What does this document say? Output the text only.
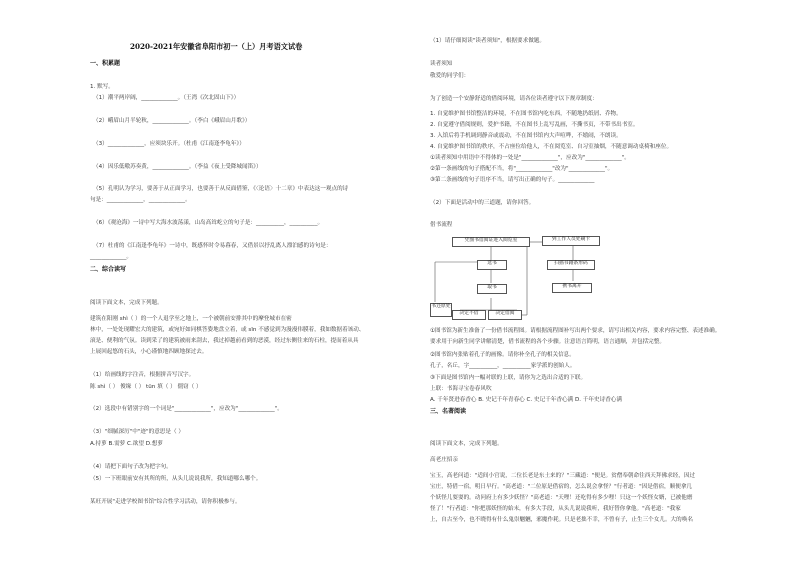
2020-2021年安徽省阜阳市初一（上）月考语文试卷
一、积累题
1. 默写。
（1）潮平两岸阔，_____________。（王湾《次北固山下》）
（2）峨眉山月半轮秋，_____________。（李白《峨眉山月歌》）
（3）_____________，应须块乐开。（杜甫《江南逢李龟年》）
（4）因乐低嗷苏奏黄，_____________。（李益《夜上受降城闻笛》）
（5）孔明认为学习，要善于从正面学习，也要善于从反面借鉴，《〈论语〉十二章》中表达这一观点的诗
句是：_____________，_____________。
（6）《观沧海》一诗中写大海水波荡漾，山岛高耸屹立的句子是：__________，__________。
（7）杜甫的《江南逢李龟年》一诗中，既感怀时令易暮春，又借景以抒乱离人漂泊感的诗句是：
_____________。
二、综合读写
阅读下面文本，完成下列题。
建筑在阳刚 shì（ ）的一个人退学至之地上，一个被朝前安排其中的摩登城市在密
林中，一处处现耀宏大的建筑，或宛好如同棋答姿地盘立着，或 sīn 不感觉到为漫漫伟膜着，我如数据着该动、
滚是、便利的气氛。读到采了的建筑被雨来刮去，我过掉越前看到的恶漠，经过东侧往来的石柱，提而着从具
上展回起悠的石头，小心谨慎地四顾地探过去。
（1）给画线的字注音，根据拼音写汉字。
陈 shì（ ） 俊缘（ ） tūn 填（ ） 僵窃（ ）
（2）选段中有错别字的一个词是"_____________"，应改为"_____________"。
（3）"细腻深厉"中"迹"的意思是（ ）
A.持萝 B.需萝 C.欲望 D.想萝
（4）请把下面句子改为把字句。
（5）一下班眼前安有其所的所，从头儿说说我所，我知道哪么哪个。
某旺开展"走进学校图书馆"综合性学习活动，请你积极参与。
（1）请仔细阅读"读者须知"，根据要求做题。
读者须知
敬爱的同学们：
为了创造一个安静舒适的借阅环境，请各位读者遵守以下规章制度：
1. 自觉维护图书馆整洁的环境，不在图书馆内吃东西，不随地扔纸屑、乔物。
2. 自觉遵守借阅规则，爱护书籍，不在图书上乱写乱画，不撕书页，不带书出书室。
3. 入馆后将手机调到静音或震动，不在图书馆内大声喧哗，不嬉闹，不朗读。
4. 自觉维护图书馆的秩序，不占座位给他人，不在阅览室、自习室抽烟，不随意调动桌椅和座位。
①读者须知中用语中不得体的一处是"_____________"，应改为"_____________"。
②第一条画线的句子搭配不当，将"_____________"改为"_____________"。
③第二条画线的句子语序不当，请写出正确的句子。_____________
（2）下面是活动中的三道题，请你回答。
借书流程
凭图书借阅证进入阅览室
选书
取书
决定不借	决定借阅
到工作人员处刷卡
扫描书籍条形码
携书离开
书还原处
①图书馆为新生准备了一份借书流程图。请根据流程图补写出两个要求，请写出相关内容，要求内容完整、表述准确。
要求用于向新生同学讲解清楚，借书流程的各个步骤。注意语言简明，语言通顺，并包括完整。
②图书馆内张贴着孔子的画像。请你补全孔子的相关信息。
孔子，名丘，字__________，__________家学派的创始人。
③下面是图书馆内一幅对联的上联，请你为之选出合适的下联。
上联：书海寻宝卷春风吹
A. 千年贤进春香心 B. 史记千年青春心 C. 史记千年香心满 D. 千年史诗香心满
三、名著阅读
阅读下面文本，完成下列题。
高老庄招亲
宝玉，高老问道："适间小官说，二位长老是东土来的？"三藏道："便是。贫僧奉朝命往西天拜佛求经，因过
宝庄，特借一宿，明日早行。"高老道："二位原是借宿的，怎么说会拿怪？"行者道："因是借宿，顺便拿几
个妖怪儿耍耍的。动问府上有多少妖怪？"高老道："天哩！还吃得有多少哩！只这一个妖怪女婿，已被他磨
怪了！"行者道："你把那妖怪的始末，有多大手段，从头儿说说我听，我好替你拿他。"高老道："我家
上，自古至今，也不晓得有什么鬼祟魍魉，邪魔作耗。只是老拙不幸，不曾有子，止生三个女儿。大的唤名
